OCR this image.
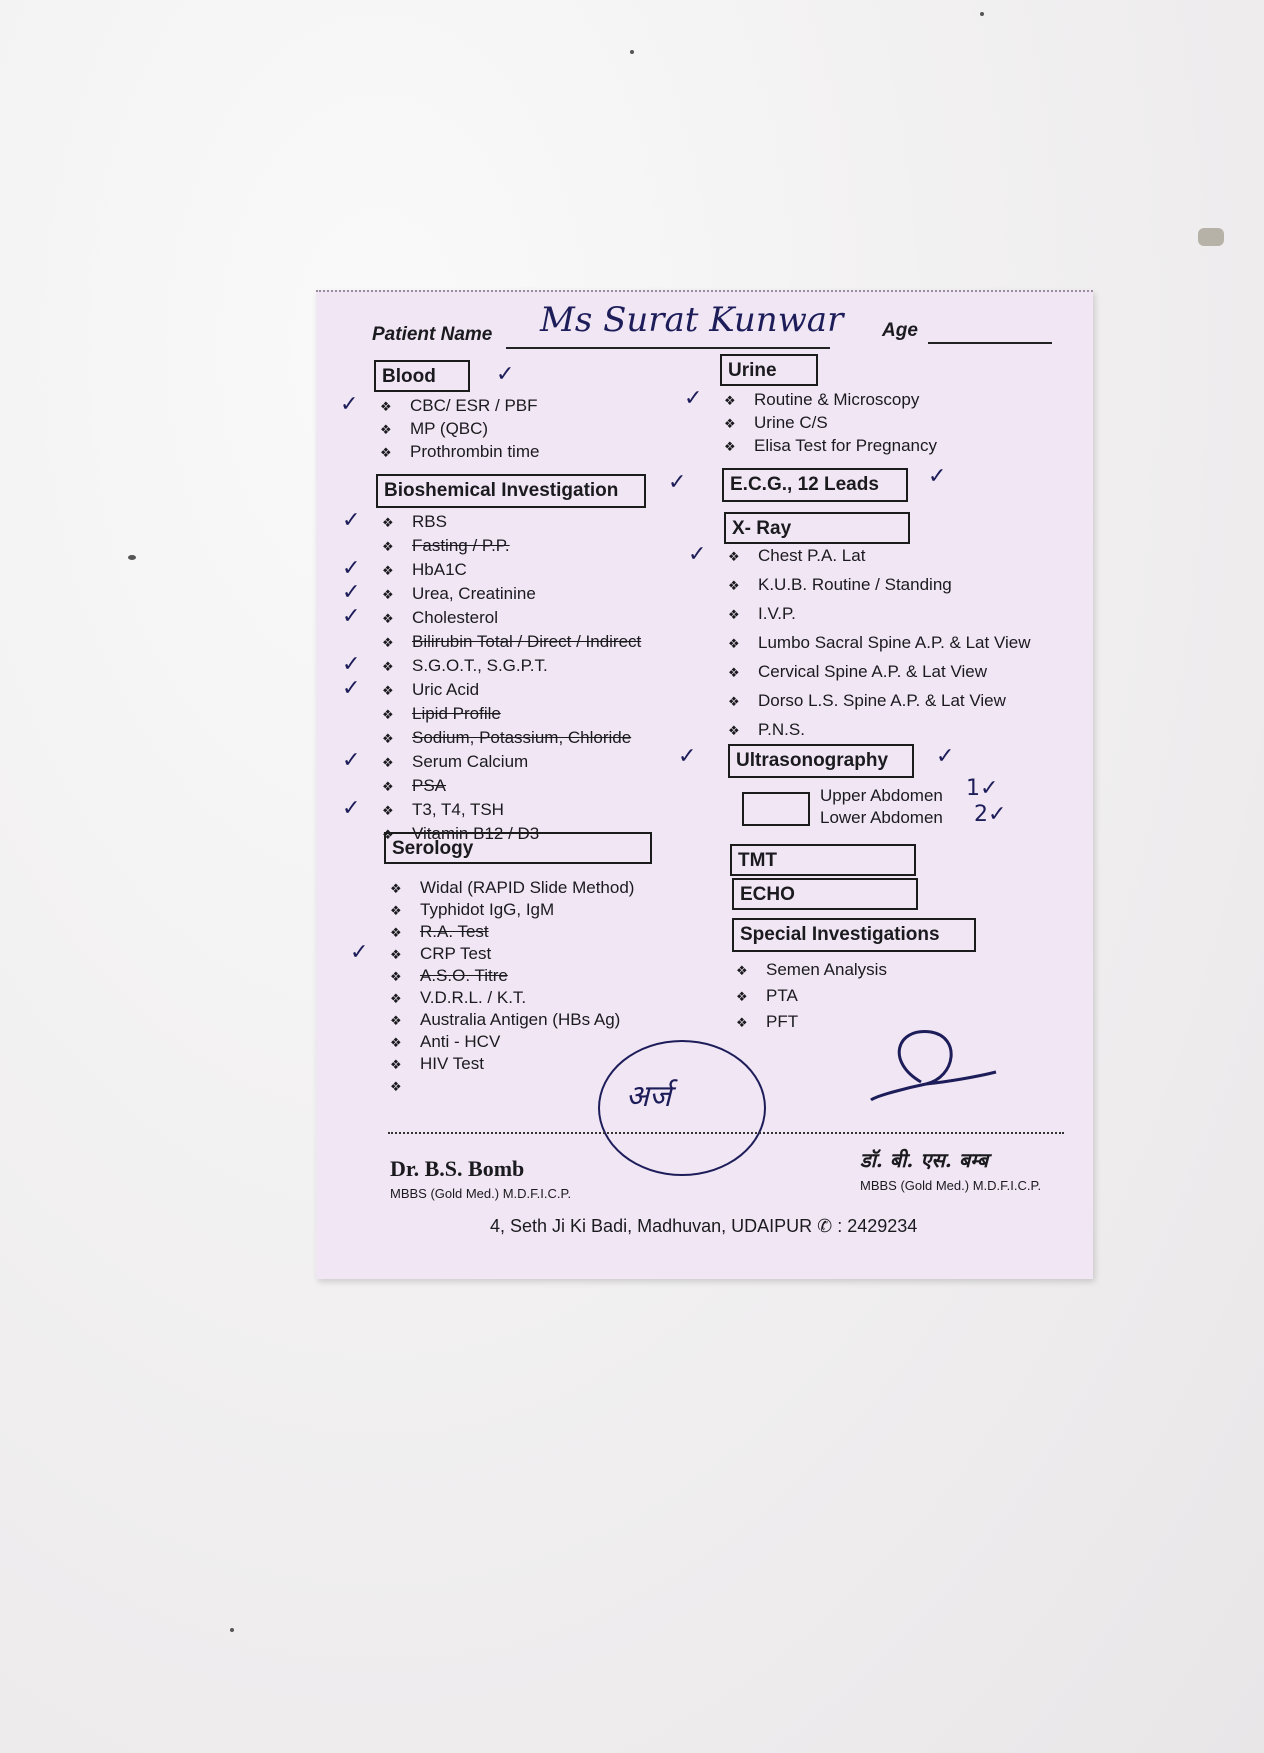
Patient Name Ms Surat Kunwar Age
Blood	✓
❖ CBC/ ESR / PBF
✓
❖ MP (QBC)
❖ Prothrombin time
Bioshemical Investigation
❖ RBS
✓
❖ Fasting / P.P.
❖ HbA1C
✓
❖ Urea, Creatinine
✓
❖ Cholesterol
✓
❖ Bilirubin Total / Direct / Indirect
❖ S.G.O.T., S.G.P.T.
✓
❖ Uric Acid
✓
❖ Lipid Profile
❖ Sodium, Potassium, Chloride
❖ Serum Calcium
✓
❖ PSA
❖ T3, T4, TSH
✓
❖ Vitamin B12 / D3
Serology
❖ Widal (RAPID Slide Method)
❖ Typhidot IgG, IgM
❖ R.A. Test
❖ CRP Test
✓
❖ A.S.O. Titre
❖ V.D.R.L. / K.T.
❖ Australia Antigen (HBs Ag)
❖ Anti - HCV
❖ HIV Test
❖
Urine
❖ Routine & Microscopy
✓
❖ Urine C/S
❖ Elisa Test for Pregnancy
✓	E.C.G., 12 Leads	✓
X- Ray
❖ Chest P.A. Lat
✓
❖ K.U.B. Routine / Standing
❖ I.V.P.
❖ Lumbo Sacral Spine A.P. & Lat View
❖ Cervical Spine A.P. & Lat View
❖ Dorso L.S. Spine A.P. & Lat View
❖ P.N.S.
✓	Ultrasonography	✓
Upper Abdomen
Lower Abdomen
1✓
2✓
TMT
ECHO
Special Investigations
❖ Semen Analysis
❖ PTA
❖ PFT
अर्ज
Dr. B.S. Bomb
MBBS (Gold Med.) M.D.F.I.C.P.
डॉ. बी. एस. बम्ब
MBBS (Gold Med.) M.D.F.I.C.P.
4, Seth Ji Ki Badi, Madhuvan, UDAIPUR ✆ : 2429234
